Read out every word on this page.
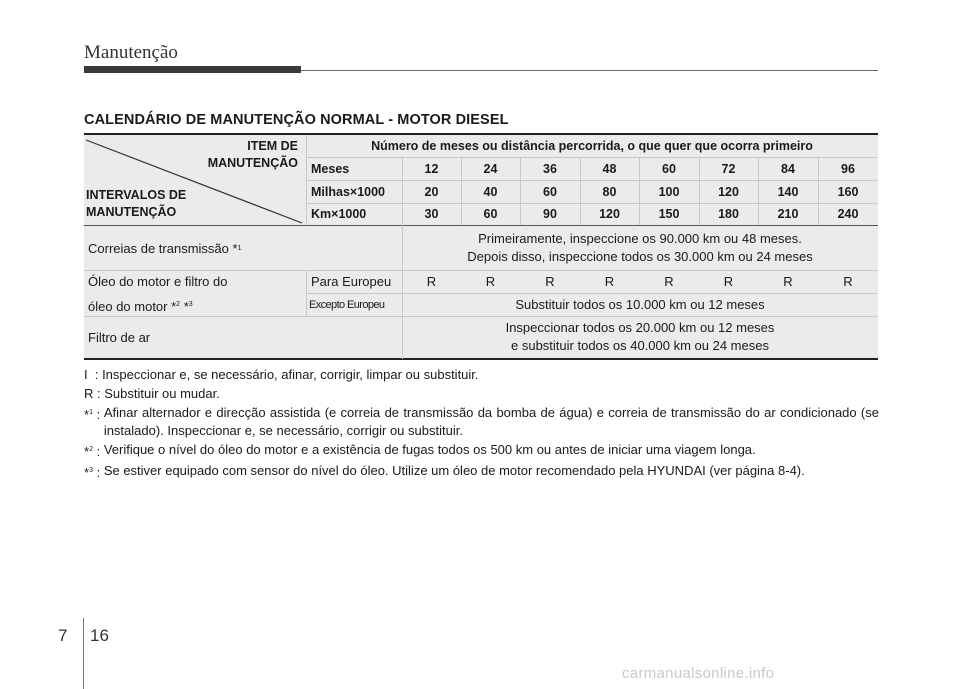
Manutenção
CALENDÁRIO DE MANUTENÇÃO NORMAL - MOTOR DIESEL
ITEM DE
MANUTENÇÃO
INTERVALOS DE
MANUTENÇÃO
Número de meses ou distância percorrida, o que quer que ocorra primeiro
Meses	12	24	36	48	60	72	84	96
Milhas×1000	20	40	60	80	100	120	140	160
Km×1000	30	60	90	120	150	180	210	240
Correias de transmissão * 1
Primeiramente, inspeccione os 90.000 km ou 48 meses.
Depois disso, inspeccione todos os 30.000 km ou 24 meses
Óleo do motor e filtro do
óleo do motor *$^2$ *$^3$
Para Europeu	R	R	R	R	R	R	R	R
Excepto Europeu	Substituir todos os 10.000 km ou 12 meses
Filtro de ar
Inspeccionar todos os 20.000 km ou 12 meses
e substituir todos os 40.000 km ou 24 meses
I  : Inspeccionar e, se necessário, afinar, corrigir, limpar ou substituir.
R : Substituir ou mudar.
*$^1$ : Afinar alternador e direcção assistida (e correia de transmissão da bomba de água) e correia de transmissão do ar condicionado (se instalado). Inspeccionar e, se necessário, corrigir ou substituir.
*$^2$ : Verifique o nível do óleo do motor e a existência de fugas todos os 500 km ou antes de iniciar uma viagem longa.
*$^3$ : Se estiver equipado com sensor do nível do óleo. Utilize um óleo de motor recomendado pela HYUNDAI (ver página 8-4).
7 16
carmanualsonline.info
